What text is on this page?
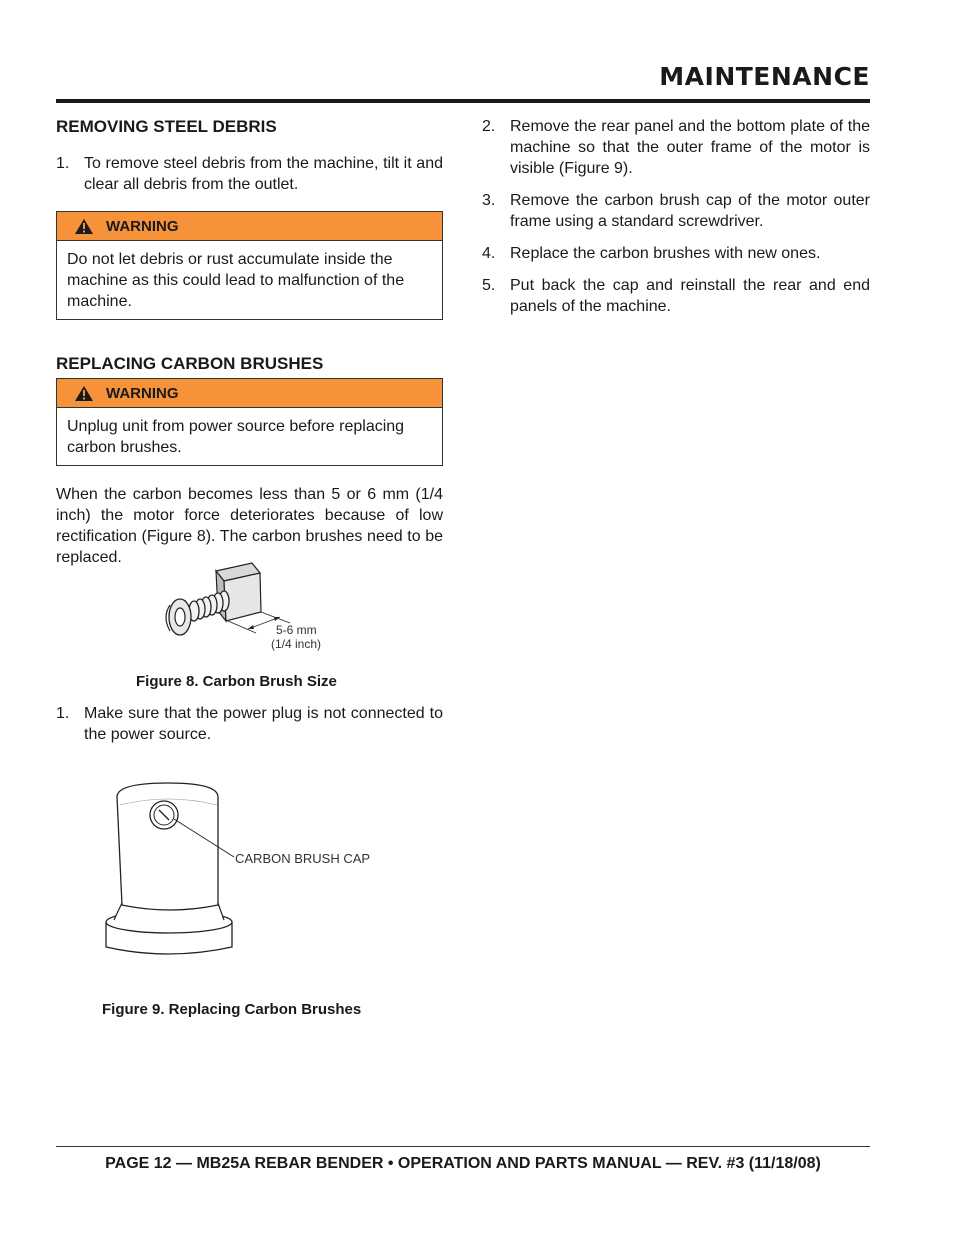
MAINTENANCE
REMOVING STEEL DEBRIS
1. To remove steel debris from the machine, tilt it and clear all debris from the outlet.
WARNING
Do not let debris or rust accumulate inside the machine as this could lead to malfunction of the machine.
REPLACING CARBON BRUSHES
WARNING
Unplug unit from power source before replacing carbon brushes.

When the carbon becomes less than 5 or 6 mm (1/4 inch) the motor force deteriorates because of low rectification (Figure 8). The carbon brushes need to be replaced.

5-6 mm
(1/4 inch)
Figure 8. Carbon Brush Size
1. Make sure that the power plug is not connected to the power source.
CARBON BRUSH CAP
Figure 9. Replacing Carbon Brushes
2. Remove the rear panel and the bottom plate of the machine so that the outer frame of the motor is visible (Figure 9).
3. Remove the carbon brush cap of the motor outer frame using a standard screwdriver.
4. Replace the carbon brushes with new ones.
5. Put back the cap and reinstall the rear and end panels of the machine.
PAGE 12 — MB25A REBAR BENDER • OPERATION AND PARTS MANUAL — REV. #3 (11/18/08)
